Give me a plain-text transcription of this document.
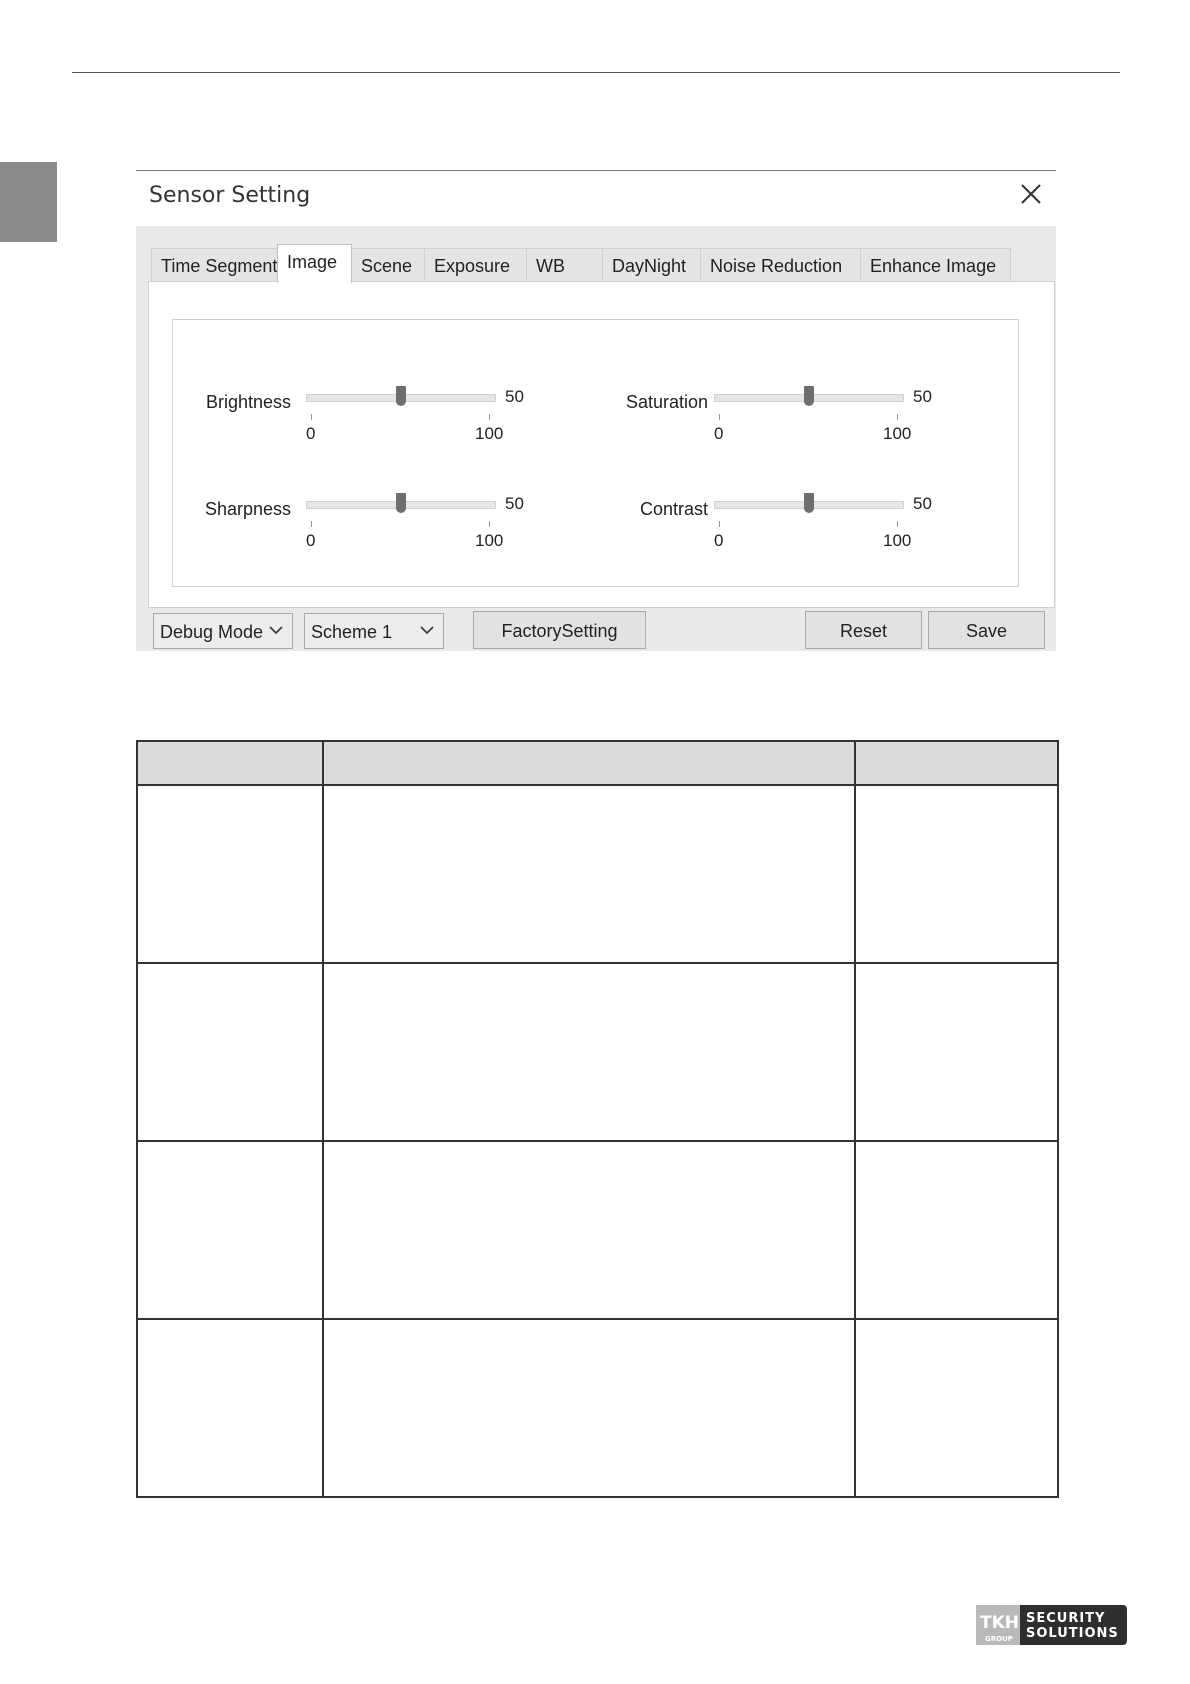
Sensor Setting
Time Segment Image	Scene	Exposure	WB	DayNight	Noise Reduction	Enhance Image
Brightness	50
0	100
Saturation	50
0	100
Sharpness	50
0	100
Contrast	50
0	100
Debug Mode	Scheme 1	FactorySetting	Reset	Save

TKH
GROUP
SECURITY
SOLUTIONS
